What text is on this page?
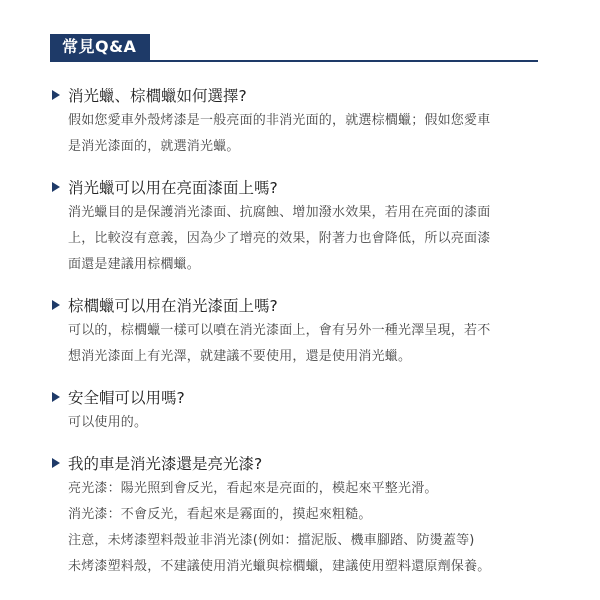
常見Q&A
消光蠟、棕櫚蠟如何選擇?
假如您愛車外殼烤漆是一般亮面的非消光面的，就選棕櫚蠟；假如您愛車
是消光漆面的，就選消光蠟。
消光蠟可以用在亮面漆面上嗎?
消光蠟目的是保護消光漆面、抗腐蝕、增加潑水效果，若用在亮面的漆面
上，比較沒有意義，因為少了增亮的效果，附著力也會降低，所以亮面漆
面還是建議用棕櫚蠟。
棕櫚蠟可以用在消光漆面上嗎?
可以的，棕櫚蠟一樣可以噴在消光漆面上，會有另外一種光澤呈現，若不
想消光漆面上有光澤，就建議不要使用，還是使用消光蠟。
安全帽可以用嗎?
可以使用的。
我的車是消光漆還是亮光漆?
亮光漆：陽光照到會反光，看起來是亮面的，模起來平整光滑。
消光漆：不會反光，看起來是霧面的，摸起來粗糙。
注意，未烤漆塑料殼並非消光漆(例如：擋泥版、機車腳踏、防燙蓋等)
未烤漆塑料殼，不建議使用消光蠟與棕櫚蠟，建議使用塑料還原劑保養。
